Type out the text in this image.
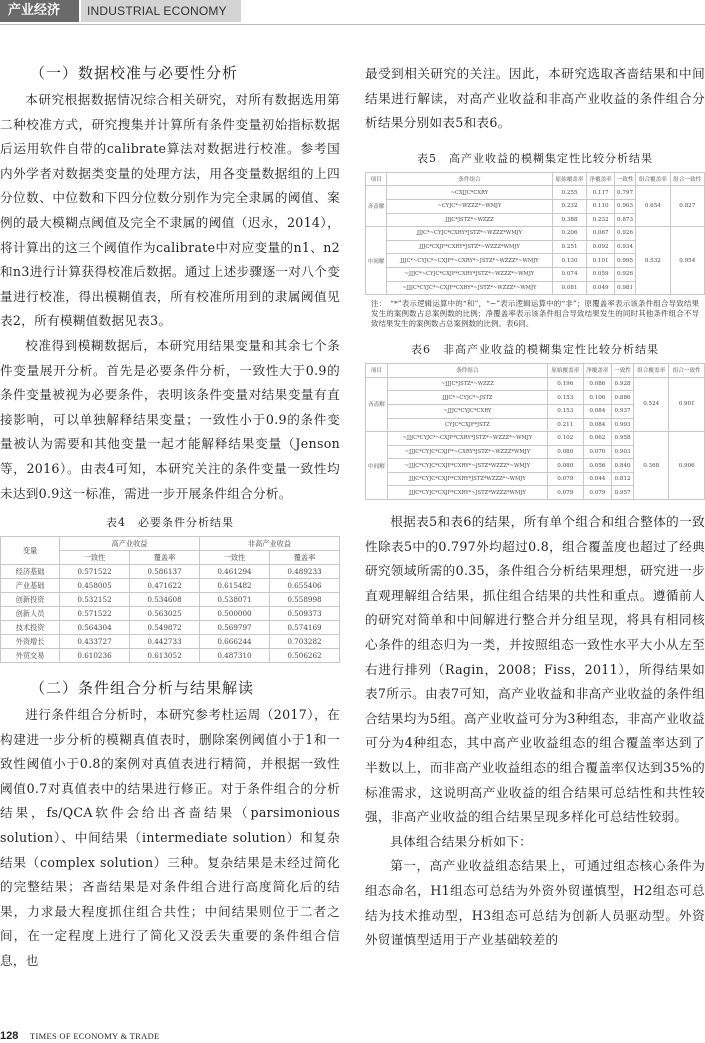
产业经济	INDUSTRIAL ECONOMY
（一）数据校准与必要性分析

本研究根据数据情况综合相关研究，对所有数据选用第二种校准方式，研究搜集并计算所有条件变量初始指标数据后运用软件自带的calibrate算法对数据进行校准。参考国内外学者对数据类变量的处理方法，用各变量数据组的上四分位数、中位数和下四分位数分别作为完全隶属的阈值、案例的最大模糊点阈值及完全不隶属的阈值（迟永，2014），将计算出的这三个阈值作为calibrate中对应变量的n1、n2和n3进行计算获得校准后数据。通过上述步骤逐一对八个变量进行校准，得出模糊值表，所有校准所用到的隶属阈值见表2，所有模糊值数据见表3。

校准得到模糊数据后，本研究用结果变量和其余七个条件变量展开分析。首先是必要条件分析，一致性大于0.9的条件变量被视为必要条件，表明该条件变量对结果变量有直接影响，可以单独解释结果变量；一致性小于0.9的条件变量被认为需要和其他变量一起才能解释结果变量（Jenson等，2016）。由表4可知，本研究关注的条件变量一致性均未达到0.9这一标准，需进一步开展条件组合分析。

表4　必要条件分析结果
变量	高产业收益		非高产业收益	
	一致性	覆盖率	一致性	覆盖率
经济基础	0.571522	0.586137	0.461294	0.489233
产业基础	0.458005	0.471622	0.615482	0.655406
创新投资	0.532152	0.534608	0.538071	0.558998
创新人员	0.571522	0.563025	0.500000	0.509373
技术投资	0.564304	0.549872	0.569797	0.574169
外资增长	0.433727	0.442733	0.666244	0.703282
外贸交易	0.610236	0.613052	0.487310	0.506262
（二）条件组合分析与结果解读

进行条件组合分析时，本研究参考杜运周（2017），在构建进一步分析的模糊真值表时，删除案例阈值小于1和一致性阈值小于0.8的案例对真值表进行精简，并根据一致性阈值0.7对真值表中的结果进行修正。对于条件组合的分析结果，fs/QCA软件会给出吝啬结果（parsimonious solution）、中间结果（intermediate solution）和复杂结果（complex solution）三种。复杂结果是未经过简化的完整结果；吝啬结果是对条件组合进行高度简化后的结果，力求最大程度抓住组合共性；中间结果则位于二者之间，在一定程度上进行了简化又没丢失重要的条件组合信息，也

最受到相关研究的关注。因此，本研究选取吝啬结果和中间结果进行解读，对高产业收益和非高产业收益的条件组合分析结果分别如表5和表6。

表5　高产业收益的模糊集定性比较分析结果
项目	条件组合	原始覆盖率	净覆盖率	一致性	组合覆盖率	组合一致性
吝啬解	~CXJJC*CXRY	0.255	0.117	0.797	0.654	0.827
	~CYJC*~WZZZ*~WMJY	0.232	0.110	0.903		
	JJJC*JSTZ*~WZZZ	0.388	0.232	0.873		
中间解	JJJC*~CYJC*CXRY*JSTZ*~WZZZ*WMJY	0.206	0.067	0.926	0.532	0.954
	JJJC*CXJF*CXRY*JSTZ*~WZZZ*WMJY	0.251	0.092	0.934		
	JJJC*~CYJC*~CXJF*~CXRY*~JSTZ*~WZZZ*~WMJY	0.130	0.101	0.995		
	~JJJC*~CYJC*CXJF*CXRY*JSTZ*~WZZZ*~WMJY	0.074	0.059	0.926		
	~JJJC*CYJC*~CXJF*CXRY*~JSTZ*~WZZZ*~WMJY	0.081	0.049	0.981		
注：　“*”表示逻辑运算中的“和”，“~”表示逻辑运算中的“非”；原覆盖率表示该条件组合导致结果发生的案例数占总案例数的比例；净覆盖率表示该条件组合导致结果发生的同时其他条件组合不导致结果发生的案例数占总案例数的比例。表6同。
表6　非高产业收益的模糊集定性比较分析结果
项目	条件组合	原始覆盖率	净覆盖率	一致性	组合覆盖率	组合一致性
吝啬解	~JJJC*JSTZ*~WZZZ	0.196	0.086	0.928	0.524	0.901
	JJJC*~CYJC*~JSTZ	0.153	0.106	0.886		
	~JJJC*CYJC*CXRY	0.153	0.084	0.937		
	CYJC*CXJF*JSTZ	0.211	0.084	0.993		
中间解	~JJJC*CYJC*~CXJF*CXRY*JSTZ*~WZZZ*~WMJY	0.102	0.062	0.958	0.368	0.906
	~JJJC*CYJC*CXJF*~CXRY*JSTZ*~WZZZ*WMJY	0.080	0.070	0.903		
	~JJJC*CYJC*CXJF*CXRY*~JSTZ*WZZZ*~WMJY	0.080	0.056	0.840		
	JJJC*CYJC*CXJF*CXRY*JSTZ*WZZZ*~WMJY	0.079	0.044	0.812		
	JJJC*CYJC*CXJF*CXRY*~JSTZ*WZZZ*WMJY	0.079	0.079	0.957		

根据表5和表6的结果，所有单个组合和组合整体的一致性除表5中的0.797外均超过0.8，组合覆盖度也超过了经典研究领域所需的0.35，条件组合分析结果理想，研究进一步直观理解组合结果，抓住组合结果的共性和重点。遵循前人的研究对简单和中间解进行整合并分组呈现，将具有相同核心条件的组态归为一类，并按照组态一致性水平大小从左至右进行排列（Ragin，2008；Fiss，2011），所得结果如表7所示。由表7可知，高产业收益和非高产业收益的条件组合结果均为5组。高产业收益可分为3种组态，非高产业收益可分为4种组态，其中高产业收益组态的组合覆盖率达到了半数以上，而非高产业收益组态的组合覆盖率仅达到35%的标准需求，这说明高产业收益的组合结果可总结性和共性较强，非高产业收益的组合结果呈现多样化可总结性较弱。

具体组合结果分析如下：

第一，高产业收益组态结果上，可通过组态核心条件为组态命名，H1组态可总结为外资外贸谨慎型，H2组态可总结为技术推动型，H3组态可总结为创新人员驱动型。外资外贸谨慎型适用于产业基础较差的

128 TIMES OF ECONOMY & TRADE
